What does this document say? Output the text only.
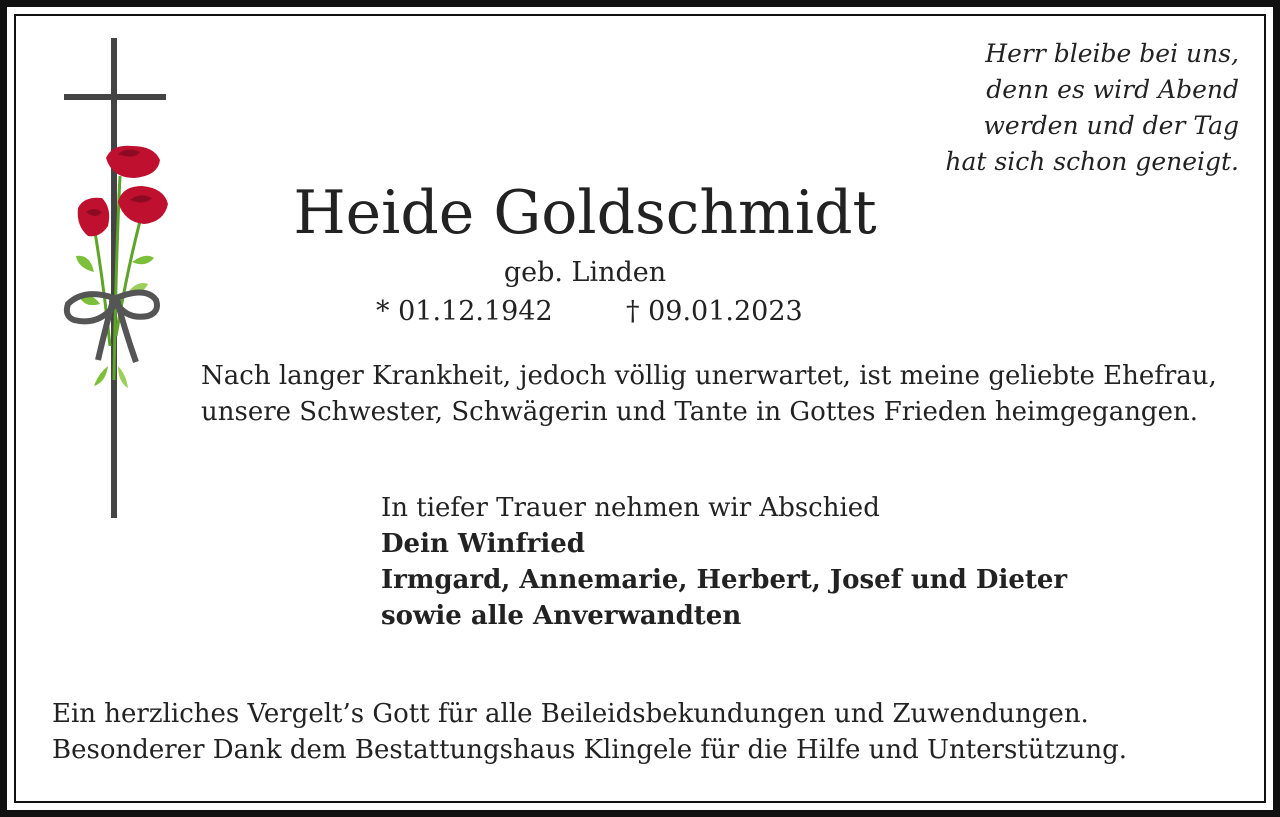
Herr bleibe bei uns,
denn es wird Abend
werden und der Tag
hat sich schon geneigt.
Heide Goldschmidt
geb. Linden
* 01.12.1942	† 09.01.2023
Nach langer Krankheit, jedoch völlig unerwartet, ist meine geliebte Ehefrau,
unsere Schwester, Schwägerin und Tante in Gottes Frieden heimgegangen.
In tiefer Trauer nehmen wir Abschied
Dein Winfried
Irmgard, Annemarie, Herbert, Josef und Dieter
sowie alle Anverwandten
Ein herzliches Vergelt’s Gott für alle Beileidsbekundungen und Zuwendungen.
Besonderer Dank dem Bestattungshaus Klingele für die Hilfe und Unterstützung.
